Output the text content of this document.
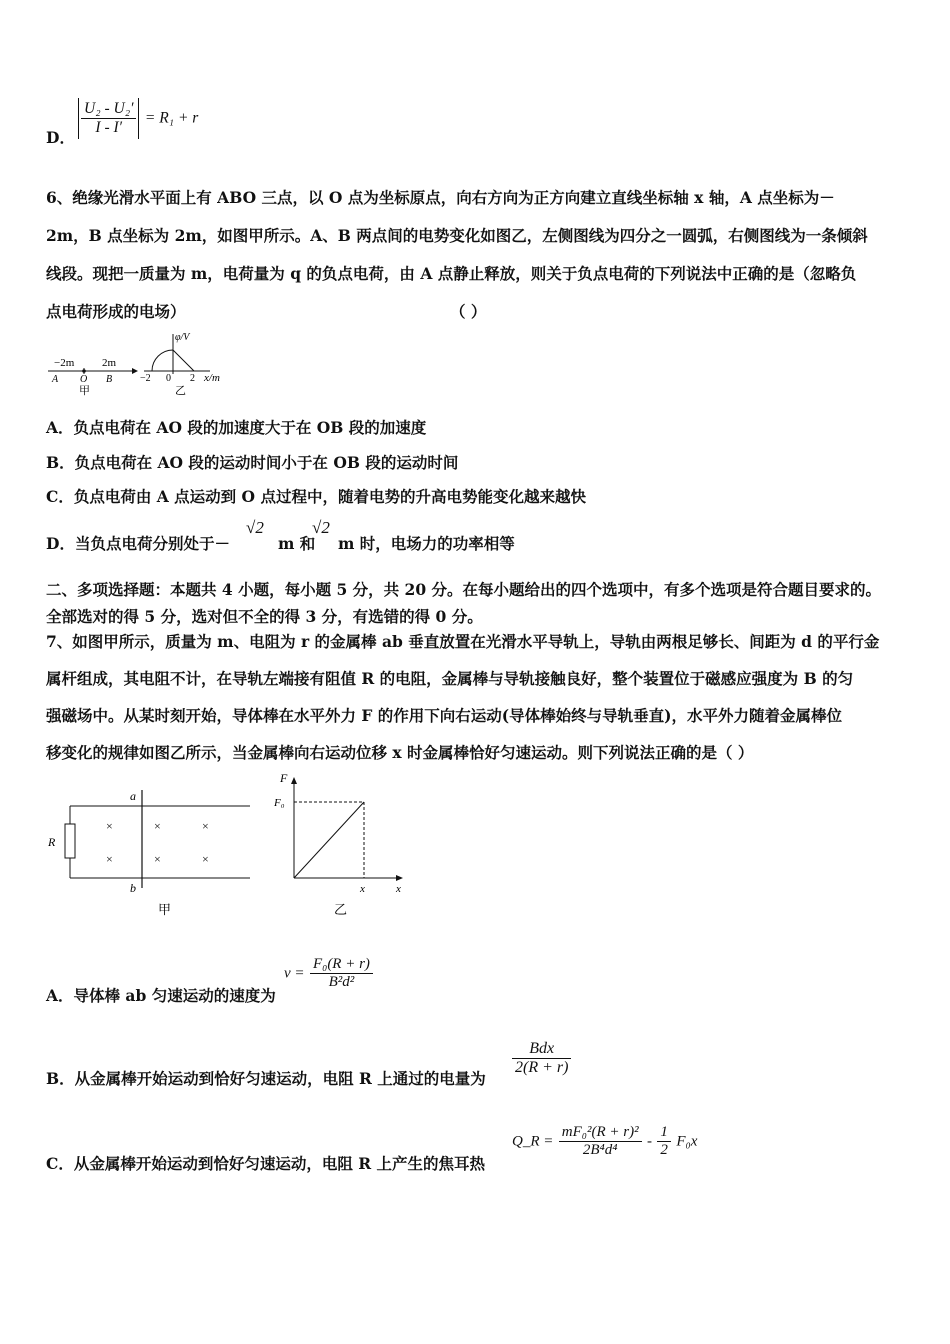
D．
$\frac{\text{U₂ - U₂′}}{I - I'} = R_1 + r$
6、绝缘光滑水平面上有 ABO 三点，以 O 点为坐标原点，向右方向为正方向建立直线坐标轴 x 轴，A 点坐标为－
2m，B 点坐标为 2m，如图甲所示。A、B 两点间的电势变化如图乙，左侧图线为四分之一圆弧，右侧图线为一条倾斜
线段。现把一质量为 m，电荷量为 q 的负点电荷，由 A 点静止释放，则关于负点电荷的下列说法中正确的是（忽略负
点电荷形成的电场）	（ ）
−2m	2m
A O B
甲
φ/V
−2 0 2 x/m
乙
A．负点电荷在 AO 段的加速度大于在 OB 段的加速度
B．负点电荷在 AO 段的运动时间小于在 OB 段的运动时间
C．负点电荷由 A 点运动到 O 点过程中，随着电势的升高电势能变化越来越快
D．当负点电荷分别处于－
√2
m 和
√2
m 时，电场力的功率相等
二、多项选择题：本题共 4 小题，每小题 5 分，共 20 分。在每小题给出的四个选项中，有多个选项是符合题目要求的。
全部选对的得 5 分，选对但不全的得 3 分，有选错的得 0 分。
7、如图甲所示，质量为 m、电阻为 r 的金属棒 ab 垂直放置在光滑水平导轨上，导轨由两根足够长、间距为 d 的平行金
属杆组成，其电阻不计，在导轨左端接有阻值 R 的电阻，金属棒与导轨接触良好，整个装置位于磁感应强度为 B 的匀
强磁场中。从某时刻开始，导体棒在水平外力 F 的作用下向右运动(导体棒始终与导轨垂直)，水平外力随着金属棒位
移变化的规律如图乙所示，当金属棒向右运动位移 x 时金属棒恰好匀速运动。则下列说法正确的是（ ）
R
a
b
×	×	×
×	×	×
甲
F
F₀
x	x
乙
A．导体棒 ab 匀速运动的速度为
$v = \frac{\text{F₀(R + r)}}{\text{B²d²}}$
B．从金属棒开始运动到恰好匀速运动，电阻 R 上通过的电量为
$\frac{\text{Bdx}}{2(R + r)}$
C．从金属棒开始运动到恰好匀速运动，电阻 R 上产生的焦耳热
Q_R = $\frac{\text{mF₀²(R + r)²}}{\text{2B⁴d⁴}} - \frac{1}{2} F_0x$
